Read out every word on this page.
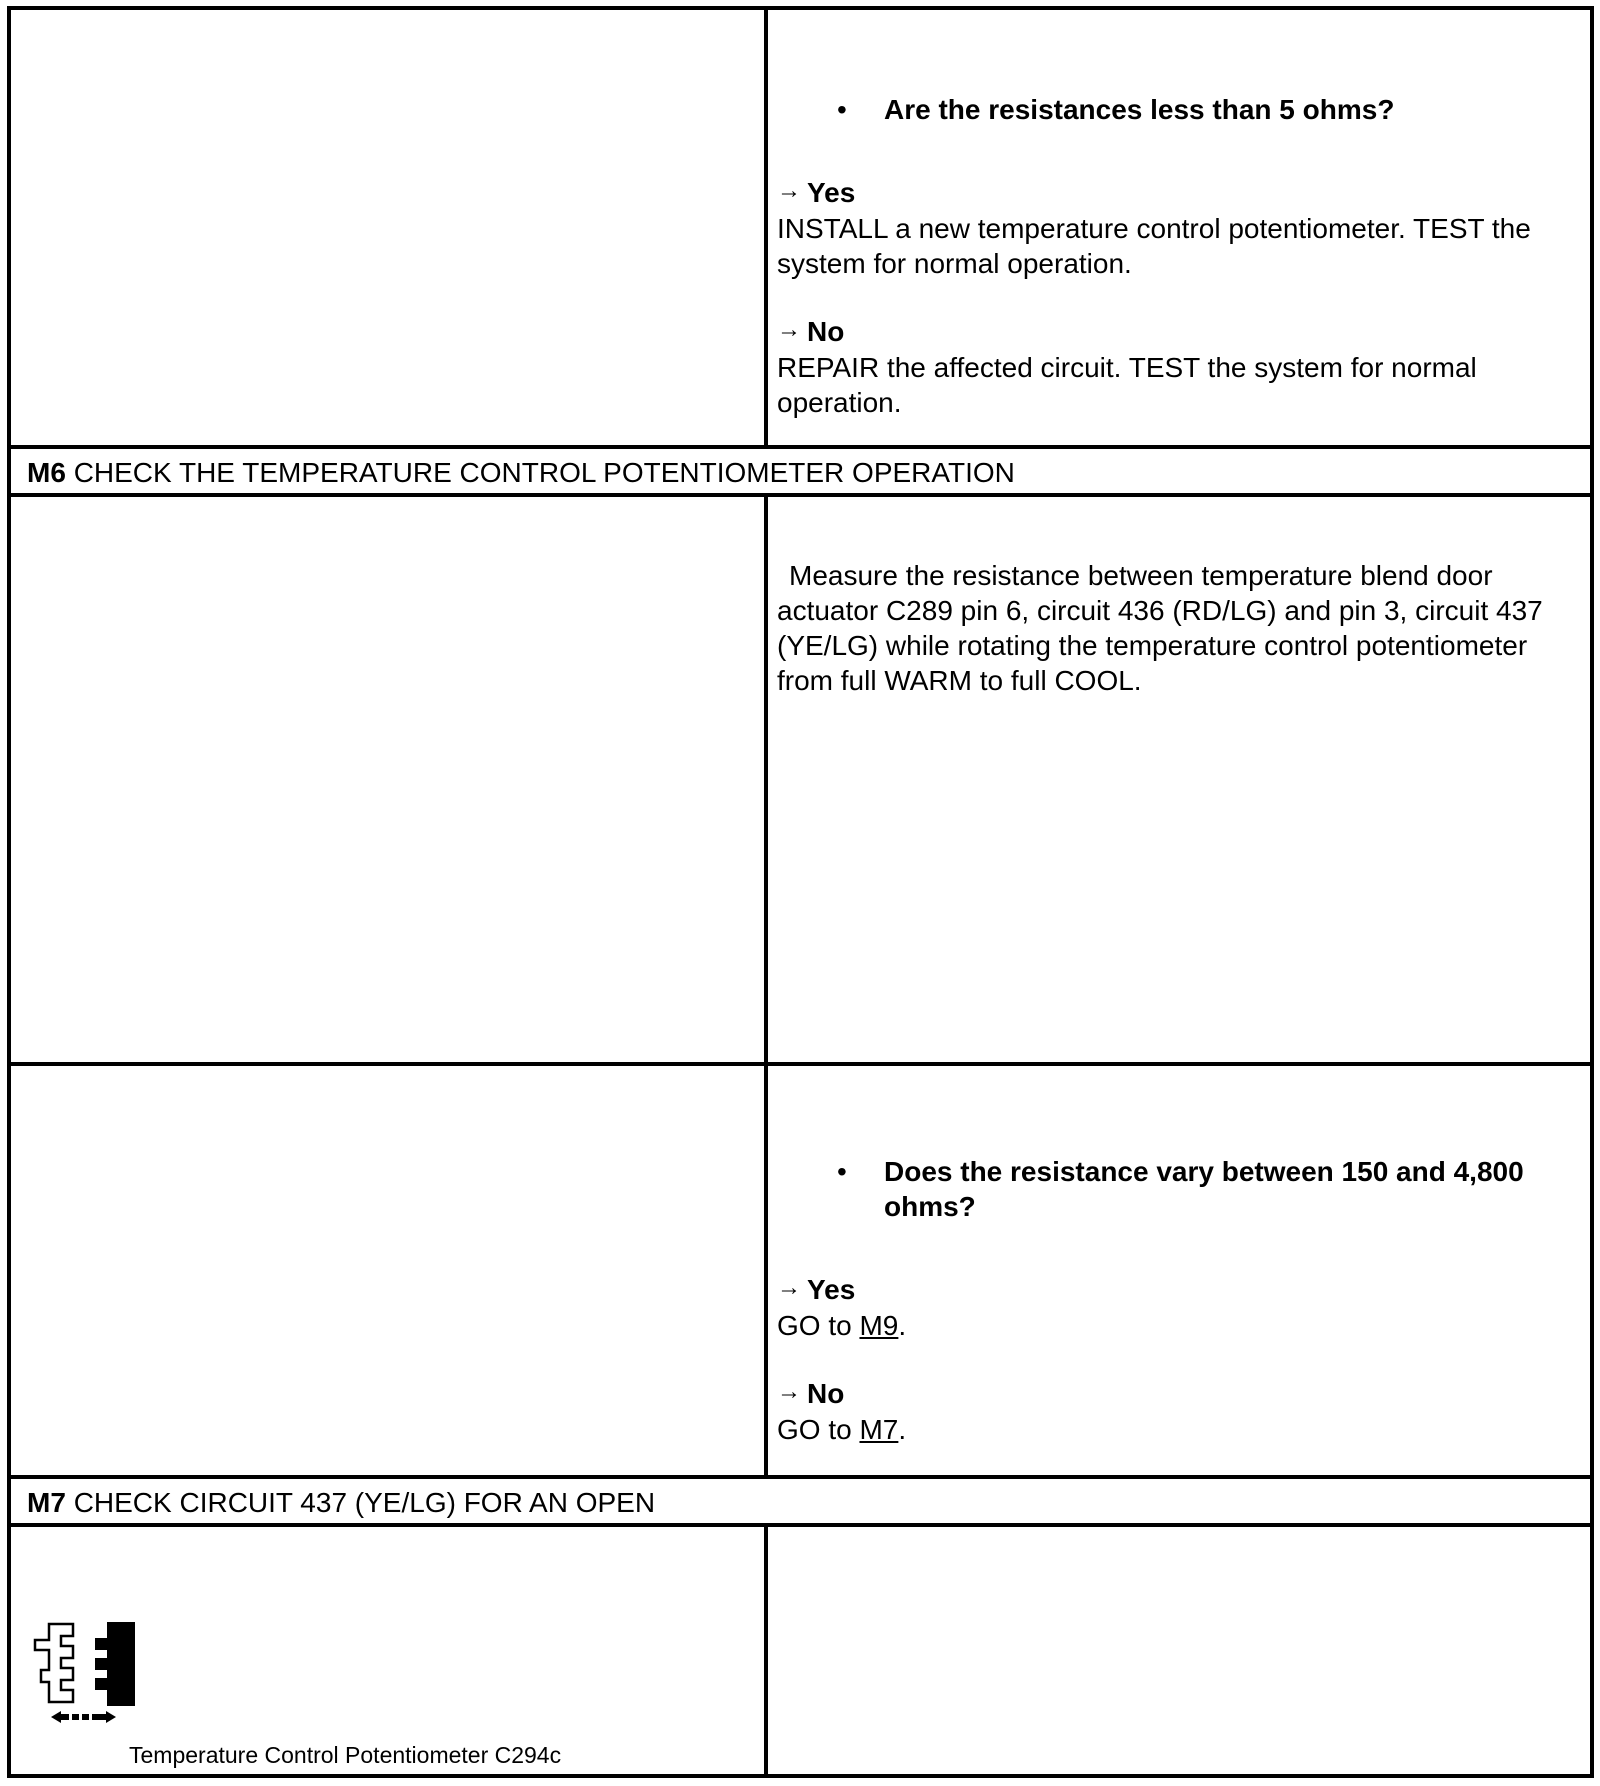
• Are the resistances less than 5 ohms?
→ Yes
INSTALL a new temperature control potentiometer. TEST the system for normal operation.
→ No
REPAIR the affected circuit. TEST the system for normal operation.
M6 CHECK THE TEMPERATURE CONTROL POTENTIOMETER OPERATION
Measure the resistance between temperature blend door actuator C289 pin 6, circuit 436 (RD/LG) and pin 3, circuit 437 (YE/LG) while rotating the temperature control potentiometer from full WARM to full COOL.
• Does the resistance vary between 150 and 4,800 ohms?
→ Yes
GO to M9.
→ No
GO to M7.
M7 CHECK CIRCUIT 437 (YE/LG) FOR AN OPEN
Temperature Control Potentiometer C294c
